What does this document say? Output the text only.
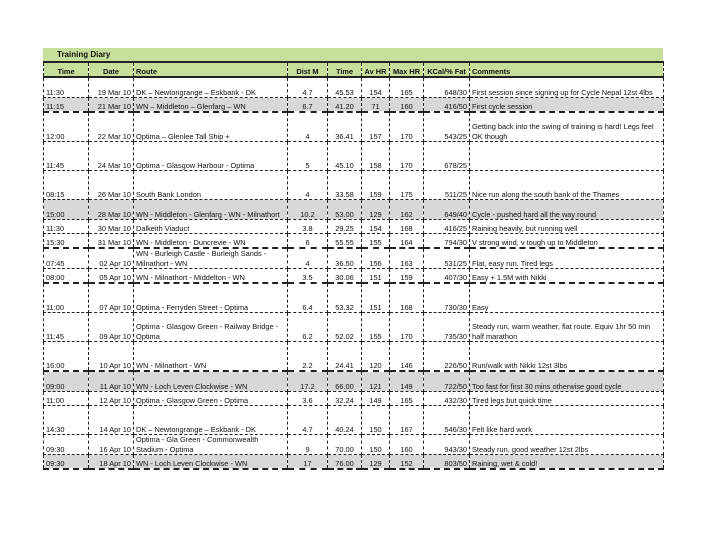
Training Diary
Time	Date	Route	Dist M	Time	Av HR	Max HR	KCal/% Fat	Comments
11:30	19 Mar 10	DK – Newtongrange – Eskbank - DK	4.7	45.53	154	165	648/30	First session since signing up for Cycle Nepal 12st 4lbs
11:15	21 Mar 10	WN – Middleton – Glenfarg – WN	6.7	41.20	71	160	416/50	First cycle session
12:00	22 Mar 10	Optima – Glenlee Tall Ship +	4	36.41	157	170	543/25	Getting back into the swing of training is hard! Legs feel OK though
11:45	24 Mar 10	Optima - Glasgow Harbour - Optima	5	45.10	158	170	678/25	
08:15	26 Mar 10	South Bank London	4	33.58	159	175	511/25	Nice run along the south bank of the Thames
15:00	28 Mar 10	WN - Middleton - Glenfarg - WN - Milnathort	10.2	53.00	129	162	649/40	Cycle - pushed hard all the way round
11:30	30 Mar 10	Dalkeith Viaduct	3.8	29.25	154	168	416/25	Raining heavily, but running well
15:30	31 Mar 10	WN - Middleton - Duncrevie - WN	6	55.55	155	164	794/30	V strong wind, v tough up to Middleton
07:45	02 Apr 10	WN - Burleigh Castle - Burleigh Sands - Milnathort - WN	4	36.50	156	163	531/25	Flat, easy run. Tired legs
08:00	05 Apr 10	WN - Milnathort - Middelton - WN	3.5	30.06	151	159	407/30	Easy + 1.5M with Nikki
11:00	07 Apr 10	Optima - Ferryden Street - Optima	6.4	53.32	151	168	730/30	Easy
11:45	09 Apr 10	Optima - Glasgow Green - Railway Bridge - Optima	6.2	52.02	155	170	735/30	Steady run, warm weather, flat route. Equiv 1hr 50 min half marathon
16:00	10 Apr 10	WN - Milnathort - WN	2.2	24.41	120	146	226/50	Run/walk with Nikki 12st 3lbs
09:00	11 Apr 10	WN - Loch Leven Clockwise - WN	17.2	66.00	121	149	722/50	Too fast for first 30 mins otherwise good cycle
11:00	12 Apr 10	Optima - Glasgow Green - Optima	3.6	32.24	149	165	432/30	Tired legs but quick time
14:30	14 Apr 10	DK – Newtongrange – Eskbank - DK	4.7	40.24	150	167	546/30	Felt like hard work
09:30	16 Apr 10	Optima - Gla Green - Commonwealth Stadium - Optima	9	70.00	150	160	943/30	Steady run, good weather 12st 2lbs
09:30	18 Apr 10	WN - Loch Leven Clockwise - WN	17	76.00	129	152	803/50	Raining, wet & cold!
